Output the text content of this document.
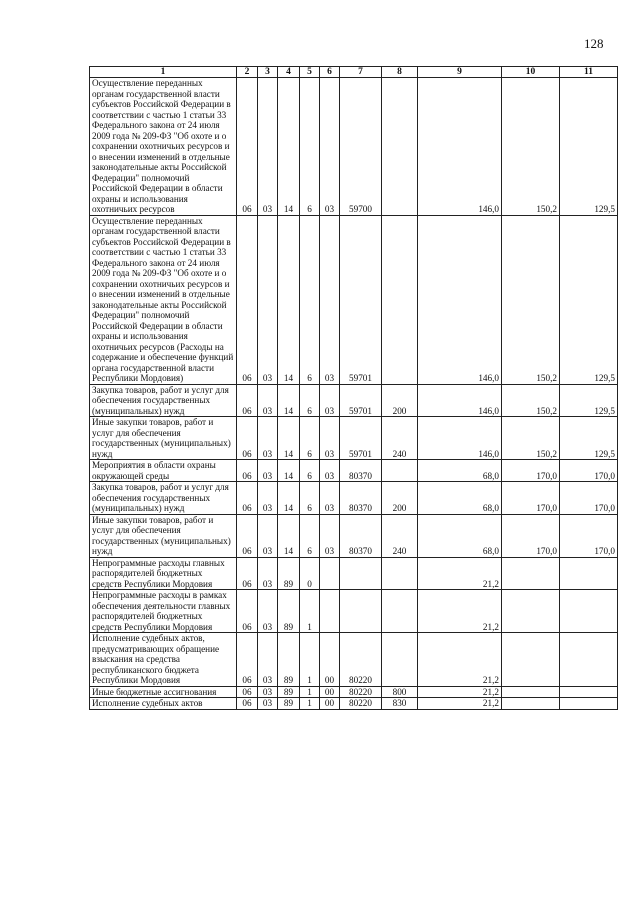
128
1	2	3	4	5	6	7	8	9	10	11
Осуществление переданных органам государственной власти субъектов Российской Федерации в соответствии с частью 1 статьи 33 Федерального закона от 24 июля 2009 года № 209-ФЗ "Об охоте и о сохранении охотничьих ресурсов и о внесении изменений в отдельные законодательные акты Российской Федерации" полномочий Российской Федерации в области охраны и использования охотничьих ресурсов	06	03	14	6	03	59700		146,0	150,2	129,5
Осуществление переданных органам государственной власти субъектов Российской Федерации в соответствии с частью 1 статьи 33 Федерального закона от 24 июля 2009 года № 209-ФЗ "Об охоте и о сохранении охотничьих ресурсов и о внесении изменений в отдельные законодательные акты Российской Федерации" полномочий Российской Федерации в области охраны и использования охотничьих ресурсов (Расходы на содержание и обеспечение функций органа государственной власти Республики Мордовия)	06	03	14	6	03	59701		146,0	150,2	129,5
Закупка товаров, работ и услуг для обеспечения государственных (муниципальных) нужд	06	03	14	6	03	59701	200	146,0	150,2	129,5
Иные закупки товаров, работ и услуг для обеспечения государственных (муниципальных) нужд	06	03	14	6	03	59701	240	146,0	150,2	129,5
Мероприятия в области охраны окружающей среды	06	03	14	6	03	80370		68,0	170,0	170,0
Закупка товаров, работ и услуг для обеспечения государственных (муниципальных) нужд	06	03	14	6	03	80370	200	68,0	170,0	170,0
Иные закупки товаров, работ и услуг для обеспечения государственных (муниципальных) нужд	06	03	14	6	03	80370	240	68,0	170,0	170,0
Непрограммные расходы главных распорядителей бюджетных средств Республики Мордовия	06	03	89	0				21,2		
Непрограммные расходы в рамках обеспечения деятельности главных распорядителей бюджетных средств Республики Мордовия	06	03	89	1				21,2		
Исполнение судебных актов, предусматривающих обращение взыскания на средства республиканского бюджета Республики Мордовия	06	03	89	1	00	80220		21,2		
Иные бюджетные ассигнования	06	03	89	1	00	80220	800	21,2		
Исполнение судебных актов	06	03	89	1	00	80220	830	21,2		
